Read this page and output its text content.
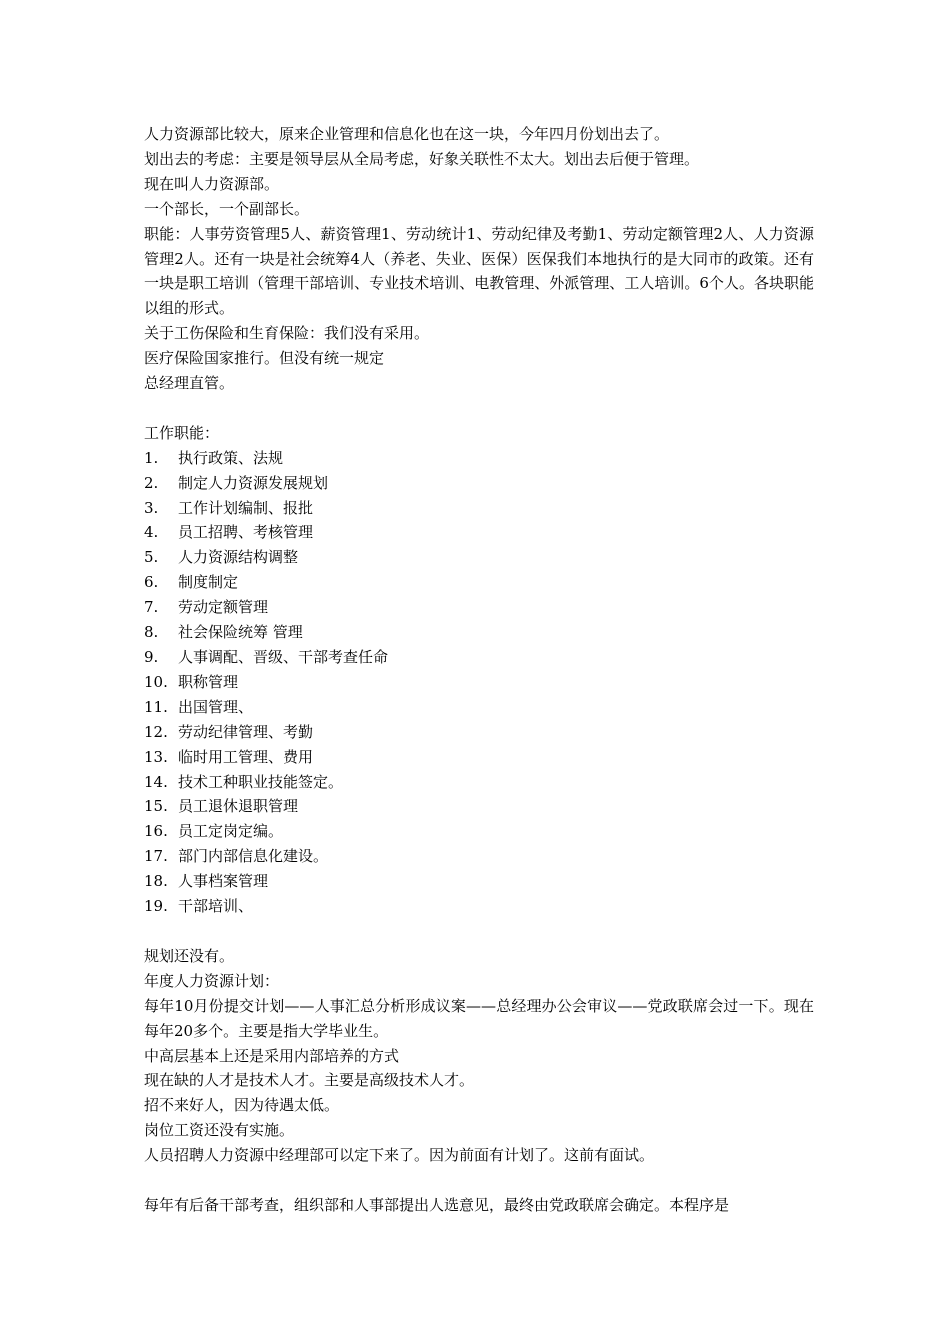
人力资源部比较大，原来企业管理和信息化也在这一块，今年四月份划出去了。

划出去的考虑：主要是领导层从全局考虑，好象关联性不太大。划出去后便于管理。

现在叫人力资源部。

一个部长，一个副部长。

职能：人事劳资管理5人、薪资管理1、劳动统计1、劳动纪律及考勤1、劳动定额管理2人、人力资源管理2人。还有一块是社会统筹4人（养老、失业、医保）医保我们本地执行的是大同市的政策。还有一块是职工培训（管理干部培训、专业技术培训、电教管理、外派管理、工人培训。6个人。各块职能以组的形式。

关于工伤保险和生育保险：我们没有采用。

医疗保险国家推行。但没有统一规定

总经理直管。

工作职能：

1.	执行政策、法规
2.	制定人力资源发展规划
3.	工作计划编制、报批
4.	员工招聘、考核管理
5.	人力资源结构调整
6.	制度制定
7.	劳动定额管理
8.	社会保险统筹 管理
9.	人事调配、晋级、干部考查任命
10. 职称管理
11. 出国管理、
12. 劳动纪律管理、考勤
13. 临时用工管理、费用
14. 技术工种职业技能签定。
15. 员工退休退职管理
16. 员工定岗定编。
17. 部门内部信息化建设。
18. 人事档案管理
19. 干部培训、

规划还没有。

年度人力资源计划：

每年10月份提交计划——人事汇总分析形成议案——总经理办公会审议——党政联席会过一下。现在每年20多个。主要是指大学毕业生。

中高层基本上还是采用内部培养的方式

现在缺的人才是技术人才。主要是高级技术人才。

招不来好人，因为待遇太低。

岗位工资还没有实施。

人员招聘人力资源中经理部可以定下来了。因为前面有计划了。这前有面试。

每年有后备干部考查，组织部和人事部提出人选意见，最终由党政联席会确定。本程序是
